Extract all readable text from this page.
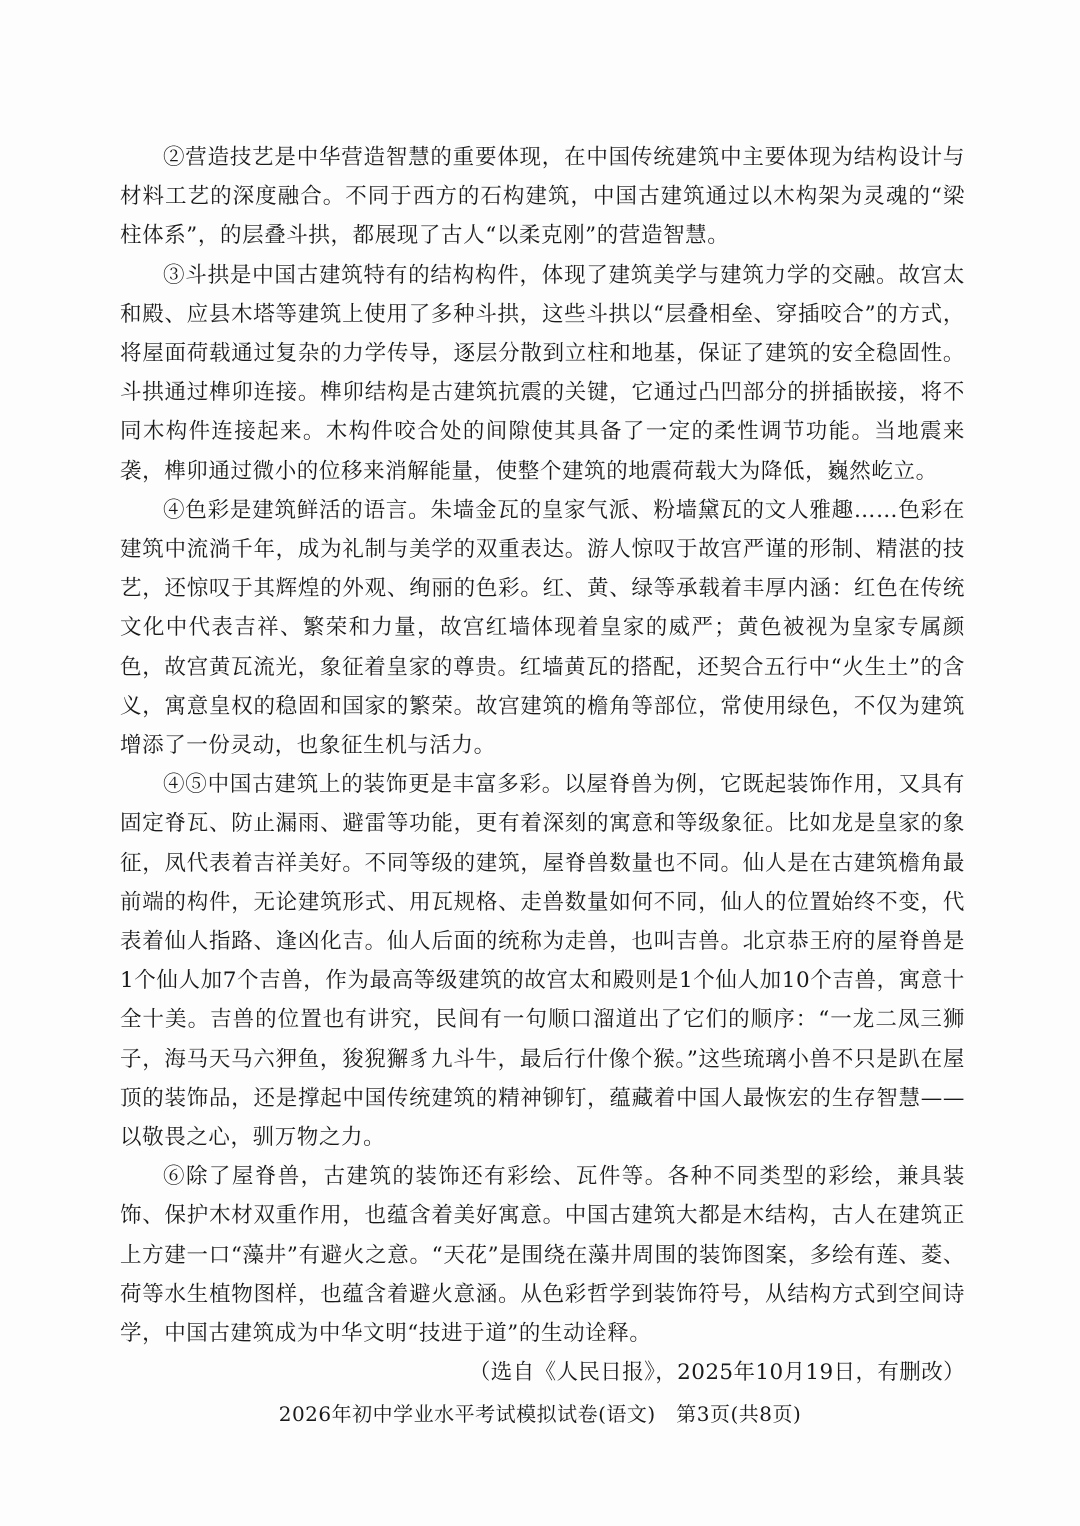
②营造技艺是中华营造智慧的重要体现，在中国传统建筑中主要体现为结构设计与材料工艺的深度融合。不同于西方的石构建筑，中国古建筑通过以木构架为灵魂的“梁柱体系”，的层叠斗拱，都展现了古人“以柔克刚”的营造智慧。

③斗拱是中国古建筑特有的结构构件，体现了建筑美学与建筑力学的交融。故宫太和殿、应县木塔等建筑上使用了多种斗拱，这些斗拱以“层叠相垒、穿插咬合”的方式，将屋面荷载通过复杂的力学传导，逐层分散到立柱和地基，保证了建筑的安全稳固性。斗拱通过榫卯连接。榫卯结构是古建筑抗震的关键，它通过凸凹部分的拼插嵌接，将不同木构件连接起来。木构件咬合处的间隙使其具备了一定的柔性调节功能。当地震来袭，榫卯通过微小的位移来消解能量，使整个建筑的地震荷载大为降低，巍然屹立。

④色彩是建筑鲜活的语言。朱墙金瓦的皇家气派、粉墙黛瓦的文人雅趣……色彩在建筑中流淌千年，成为礼制与美学的双重表达。游人惊叹于故宫严谨的形制、精湛的技艺，还惊叹于其辉煌的外观、绚丽的色彩。红、黄、绿等承载着丰厚内涵：红色在传统文化中代表吉祥、繁荣和力量，故宫红墙体现着皇家的威严；黄色被视为皇家专属颜色，故宫黄瓦流光，象征着皇家的尊贵。红墙黄瓦的搭配，还契合五行中“火生土”的含义，寓意皇权的稳固和国家的繁荣。故宫建筑的檐角等部位，常使用绿色，不仅为建筑增添了一份灵动，也象征生机与活力。

④⑤中国古建筑上的装饰更是丰富多彩。以屋脊兽为例，它既起装饰作用，又具有固定脊瓦、防止漏雨、避雷等功能，更有着深刻的寓意和等级象征。比如龙是皇家的象征，凤代表着吉祥美好。不同等级的建筑，屋脊兽数量也不同。仙人是在古建筑檐角最前端的构件，无论建筑形式、用瓦规格、走兽数量如何不同，仙人的位置始终不变，代表着仙人指路、逢凶化吉。仙人后面的统称为走兽，也叫吉兽。北京恭王府的屋脊兽是1个仙人加7个吉兽，作为最高等级建筑的故宫太和殿则是1个仙人加10个吉兽，寓意十全十美。吉兽的位置也有讲究，民间有一句顺口溜道出了它们的顺序：“一龙二凤三狮子，海马天马六狎鱼，狻猊獬豸九斗牛，最后行什像个猴。”这些琉璃小兽不只是趴在屋顶的装饰品，还是撑起中国传统建筑的精神铆钉，蕴藏着中国人最恢宏的生存智慧——以敬畏之心，驯万物之力。

⑥除了屋脊兽，古建筑的装饰还有彩绘、瓦件等。各种不同类型的彩绘，兼具装饰、保护木材双重作用，也蕴含着美好寓意。中国古建筑大都是木结构，古人在建筑正上方建一口“藻井”有避火之意。“天花”是围绕在藻井周围的装饰图案，多绘有莲、菱、荷等水生植物图样，也蕴含着避火意涵。从色彩哲学到装饰符号，从结构方式到空间诗学，中国古建筑成为中华文明“技进于道”的生动诠释。

（选自《人民日报》，2025年10月19日，有删改）

2026年初中学业水平考试模拟试卷(语文)　第3页(共8页)
